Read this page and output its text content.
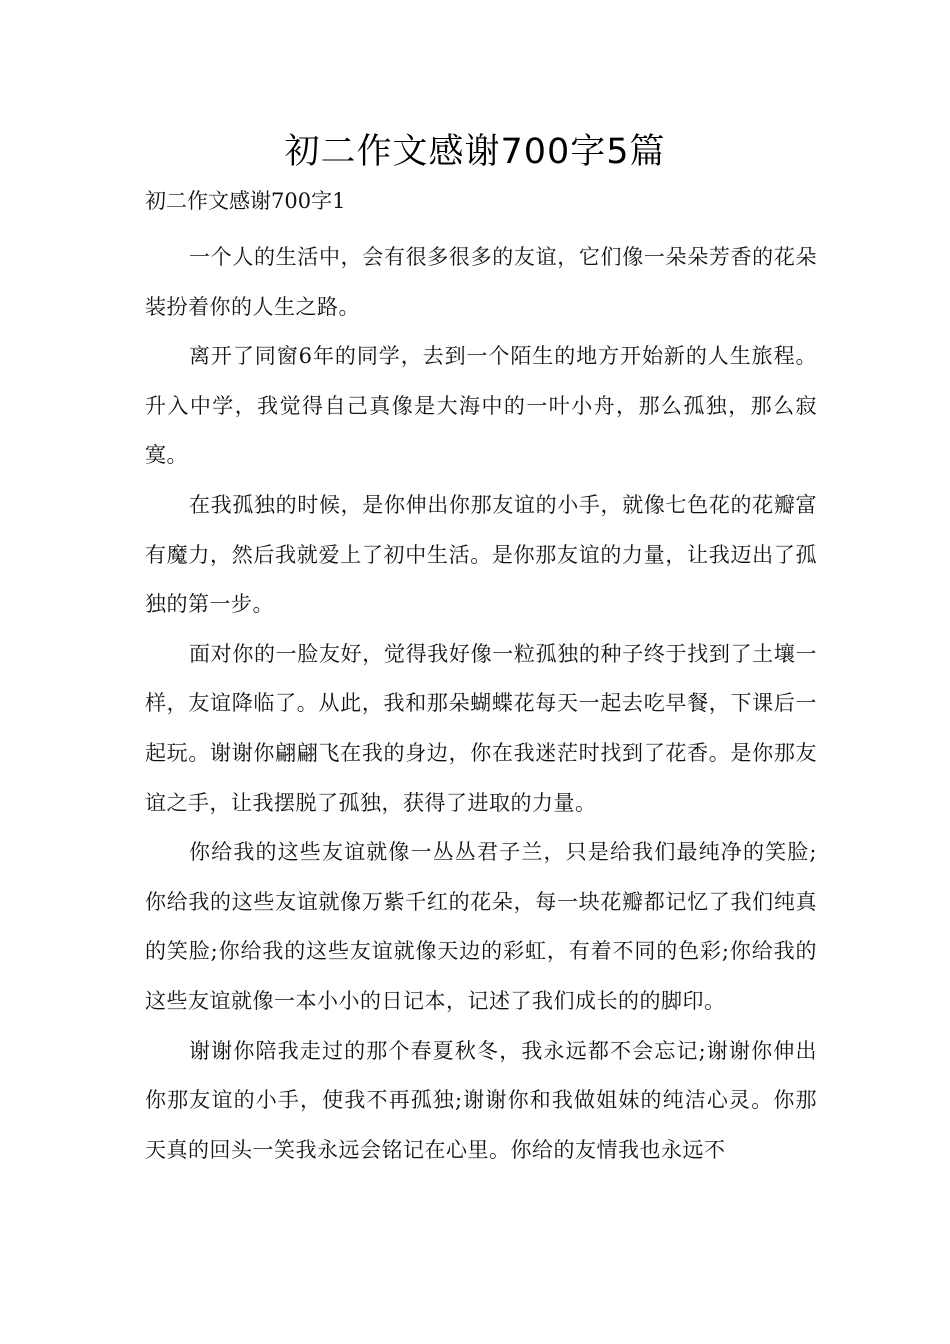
初二作文感谢700字5篇
初二作文感谢700字1

一个人的生活中，会有很多很多的友谊，它们像一朵朵芳香的花朵装扮着你的人生之路。

离开了同窗6年的同学，去到一个陌生的地方开始新的人生旅程。升入中学，我觉得自己真像是大海中的一叶小舟，那么孤独，那么寂寞。

在我孤独的时候，是你伸出你那友谊的小手，就像七色花的花瓣富有魔力，然后我就爱上了初中生活。是你那友谊的力量，让我迈出了孤独的第一步。

面对你的一脸友好，觉得我好像一粒孤独的种子终于找到了土壤一样，友谊降临了。从此，我和那朵蝴蝶花每天一起去吃早餐，下课后一起玩。谢谢你翩翩飞在我的身边，你在我迷茫时找到了花香。是你那友谊之手，让我摆脱了孤独，获得了进取的力量。

你给我的这些友谊就像一丛丛君子兰，只是给我们最纯净的笑脸;你给我的这些友谊就像万紫千红的花朵，每一块花瓣都记忆了我们纯真的笑脸;你给我的这些友谊就像天边的彩虹，有着不同的色彩;你给我的这些友谊就像一本小小的日记本，记述了我们成长的的脚印。

谢谢你陪我走过的那个春夏秋冬，我永远都不会忘记;谢谢你伸出你那友谊的小手，使我不再孤独;谢谢你和我做姐妹的纯洁心灵。你那天真的回头一笑我永远会铭记在心里。你给的友情我也永远不
